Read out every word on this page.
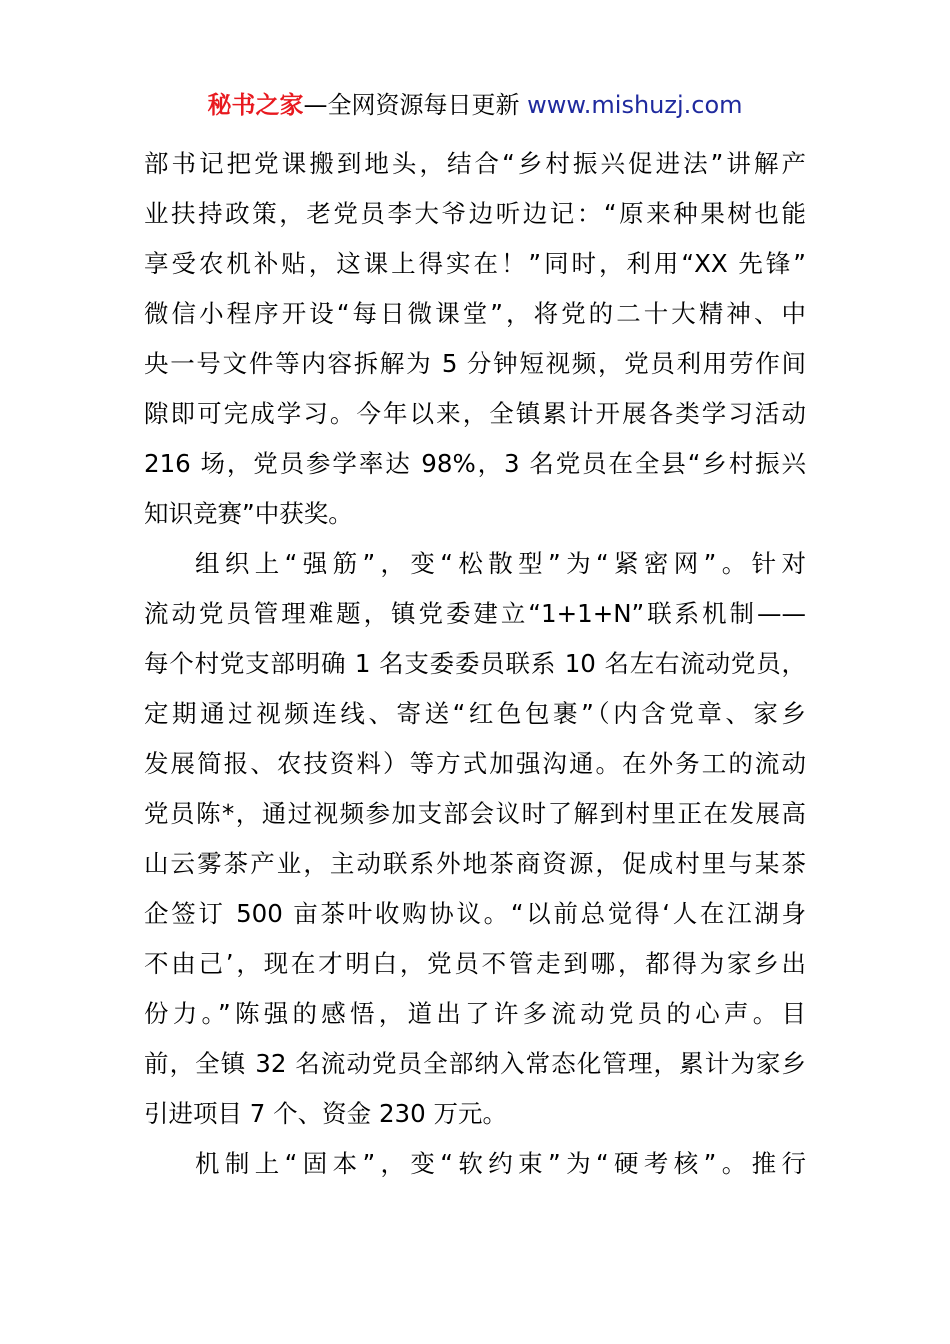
秘书之家—全网资源每日更新 www.mishuzj.com
部书记把党课搬到地头，结合“乡村振兴促进法”讲解产
业扶持政策，老党员李大爷边听边记：“原来种果树也能
享受农机补贴，这课上得实在！”同时，利用“XX 先锋”
微信小程序开设“每日微课堂”，将党的二十大精神、中
央一号文件等内容拆解为 5 分钟短视频，党员利用劳作间
隙即可完成学习。今年以来，全镇累计开展各类学习活动
216 场，党员参学率达 98%，3 名党员在全县“乡村振兴
知识竞赛”中获奖。
组织上“强筋”，变“松散型”为“紧密网”。针对
流动党员管理难题，镇党委建立“1+1+N”联系机制——
每个村党支部明确 1 名支委委员联系 10 名左右流动党员，
定期通过视频连线、寄送“红色包裹”（内含党章、家乡
发展简报、农技资料）等方式加强沟通。在外务工的流动
党员陈*，通过视频参加支部会议时了解到村里正在发展高
山云雾茶产业，主动联系外地茶商资源，促成村里与某茶
企签订 500 亩茶叶收购协议。“以前总觉得‘人在江湖身
不由己’，现在才明白，党员不管走到哪，都得为家乡出
份力。”陈强的感悟，道出了许多流动党员的心声。目
前，全镇 32 名流动党员全部纳入常态化管理，累计为家乡
引进项目 7 个、资金 230 万元。
机制上“固本”，变“软约束”为“硬考核”。推行
